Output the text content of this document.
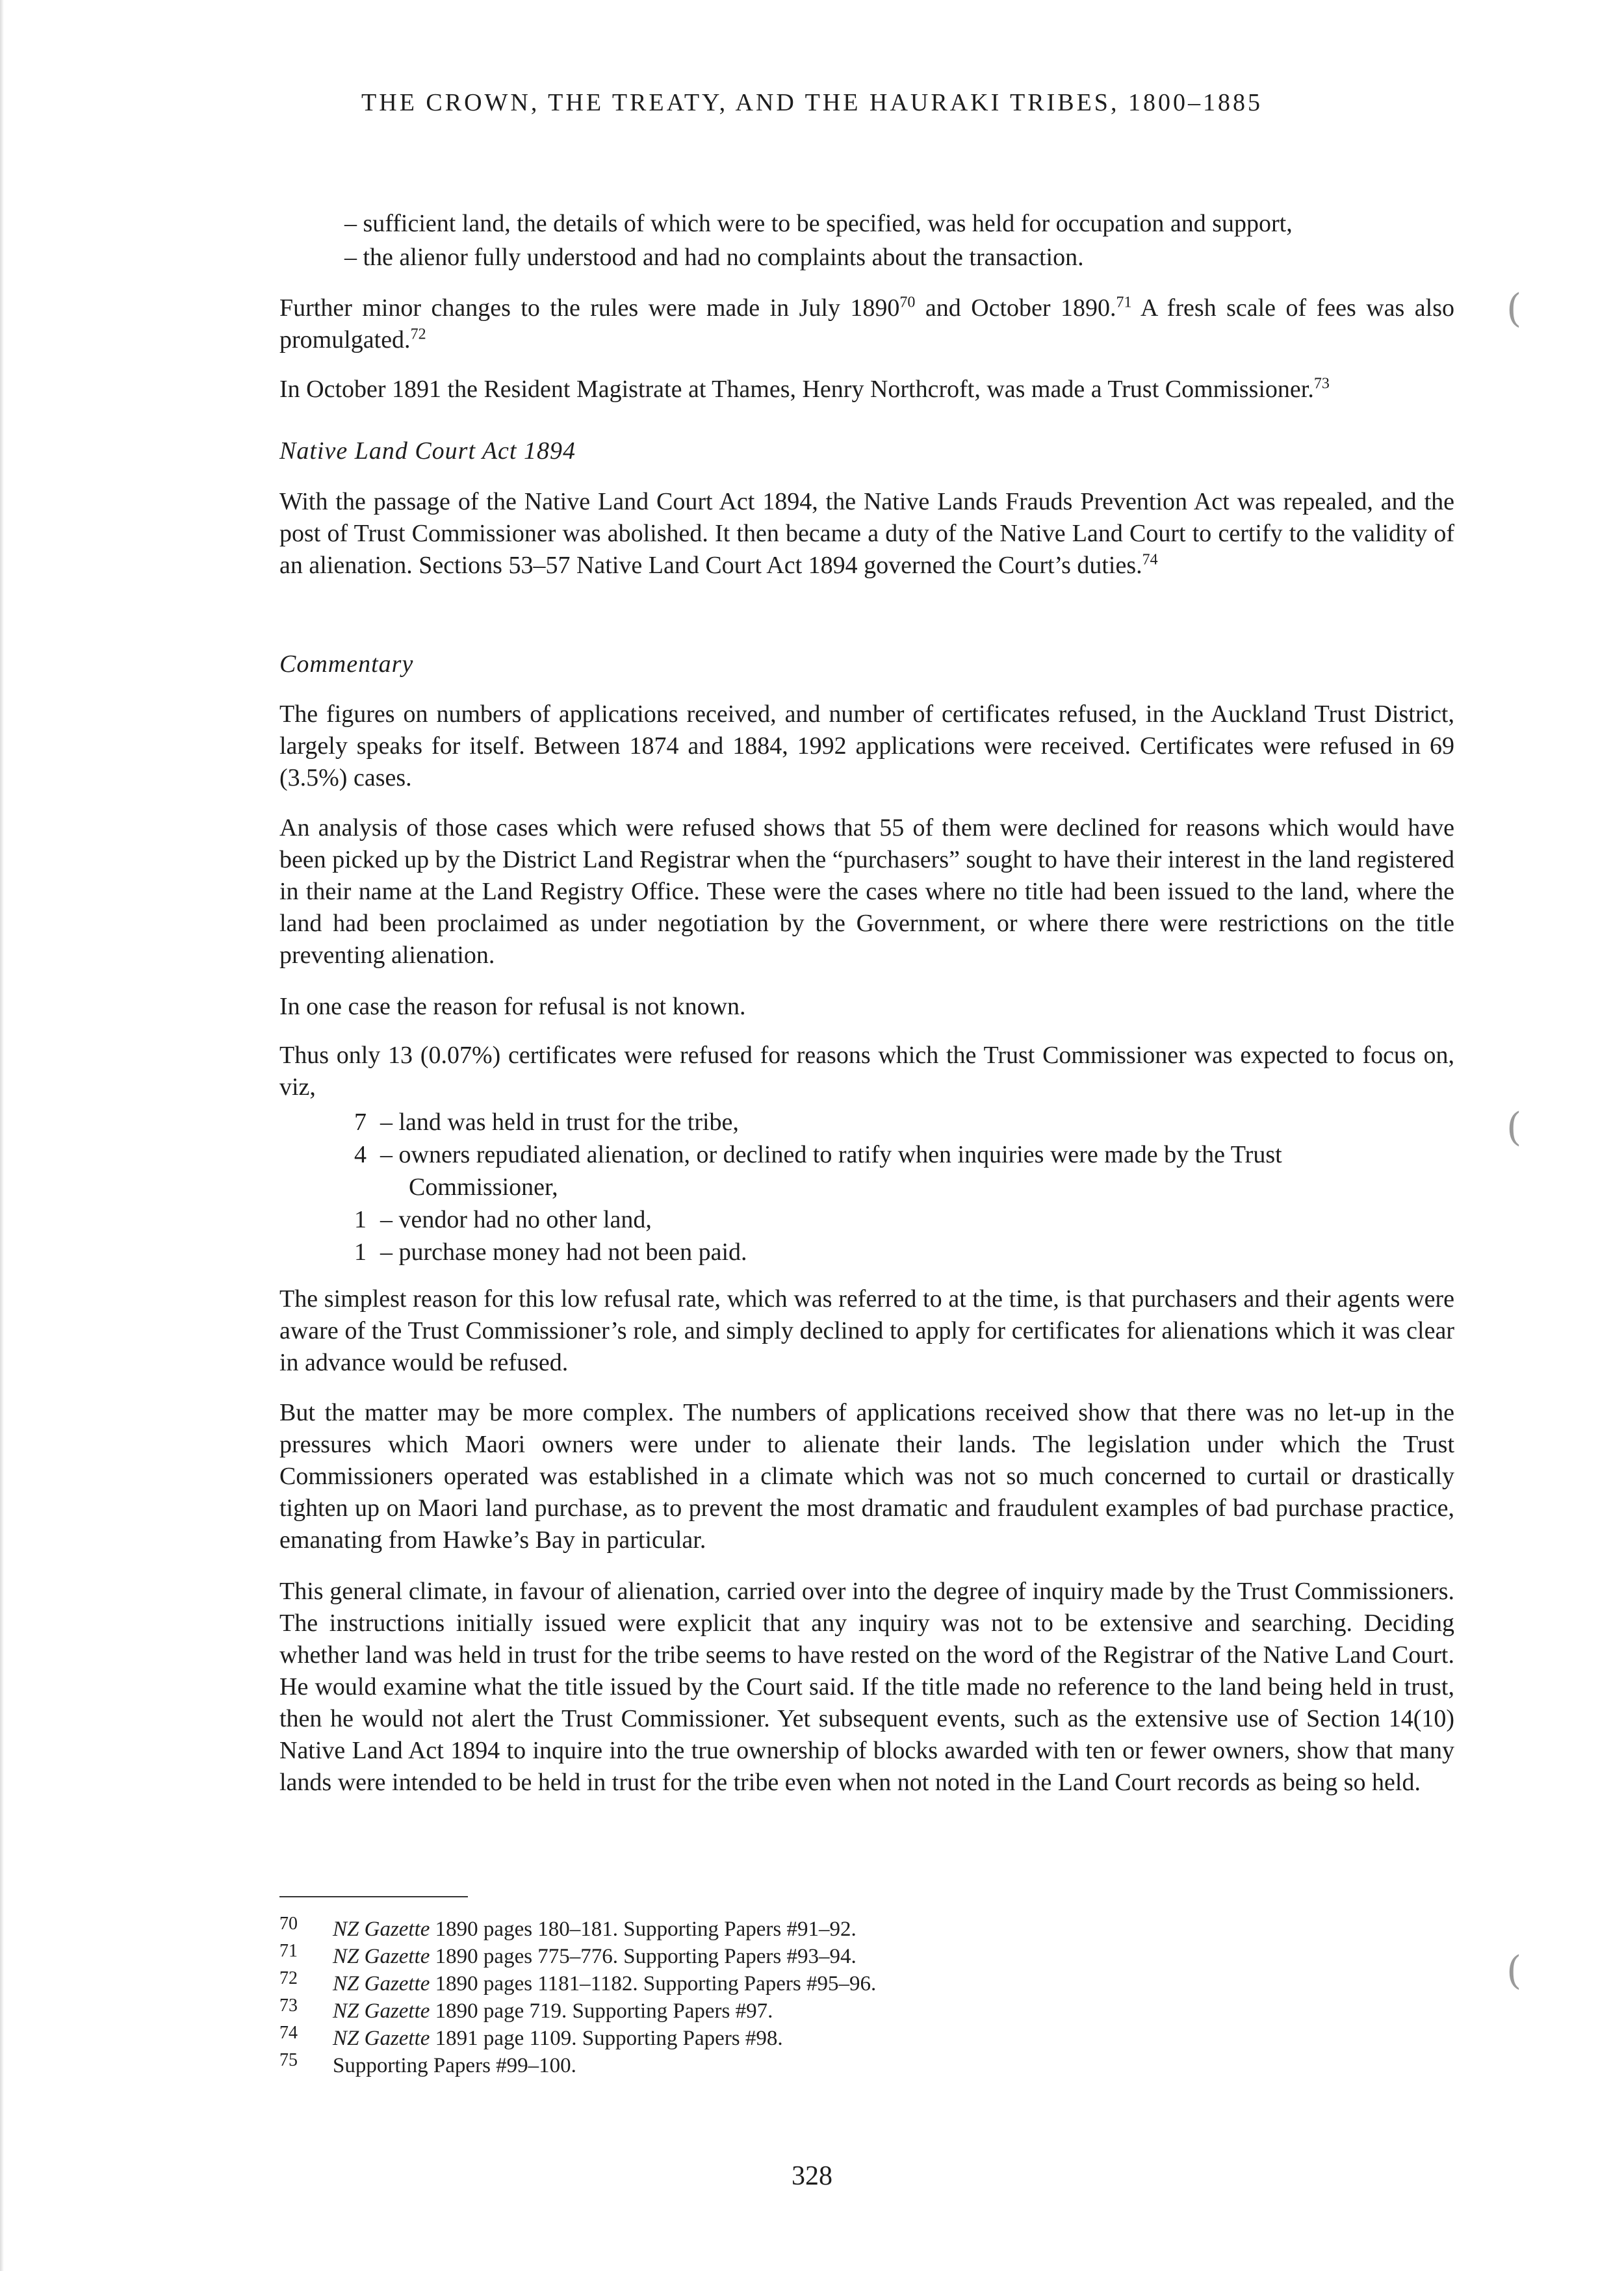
THE CROWN, THE TREATY, AND THE HAURAKI TRIBES, 1800–1885
– sufficient land, the details of which were to be specified, was held for occupation and support,
– the alienor fully understood and had no complaints about the transaction.

Further minor changes to the rules were made in July 1890$^{70}$ and October 1890.71 A fresh scale of fees was also promulgated.$^{72}$

In October 1891 the Resident Magistrate at Thames, Henry Northcroft, was made a Trust Commissioner.$^{73}$

Native Land Court Act 1894

With the passage of the Native Land Court Act 1894, the Native Lands Frauds Prevention Act was repealed, and the post of Trust Commissioner was abolished. It then became a duty of the Native Land Court to certify to the validity of an alienation. Sections 53–57 Native Land Court Act 1894 governed the Court’s duties.$^{74}$

Commentary
The figures on numbers of applications received, and number of certificates refused, in the Auckland Trust District, largely speaks for itself. Between 1874 and 1884, 1992 applications were received. Certificates were refused in 69 (3.5%) cases.
An analysis of those cases which were refused shows that 55 of them were declined for reasons which would have been picked up by the District Land Registrar when the “purchasers” sought to have their interest in the land registered in their name at the Land Registry Office. These were the cases where no title had been issued to the land, where the land had been proclaimed as under negotiation by the Government, or where there were restrictions on the title preventing alienation.
In one case the reason for refusal is not known.
Thus only 13 (0.07%) certificates were refused for reasons which the Trust Commissioner was expected to focus on, viz,
7 – land was held in trust for the tribe,
4 – owners repudiated alienation, or declined to ratify when inquiries were made by the Trust
Commissioner,
1 – vendor had no other land,
1 – purchase money had not been paid.
The simplest reason for this low refusal rate, which was referred to at the time, is that purchasers and their agents were aware of the Trust Commissioner’s role, and simply declined to apply for certificates for alienations which it was clear in advance would be refused.
But the matter may be more complex. The numbers of applications received show that there was no let-up in the pressures which Maori owners were under to alienate their lands. The legislation under which the Trust Commissioners operated was established in a climate which was not so much concerned to curtail or drastically tighten up on Maori land purchase, as to prevent the most dramatic and fraudulent examples of bad purchase practice, emanating from Hawke’s Bay in particular.
This general climate, in favour of alienation, carried over into the degree of inquiry made by the Trust Commissioners. The instructions initially issued were explicit that any inquiry was not to be extensive and searching. Deciding whether land was held in trust for the tribe seems to have rested on the word of the Registrar of the Native Land Court. He would examine what the title issued by the Court said. If the title made no reference to the land being held in trust, then he would not alert the Trust Commissioner. Yet subsequent events, such as the extensive use of Section 14(10) Native Land Act 1894 to inquire into the true ownership of blocks awarded with ten or fewer owners, show that many lands were intended to be held in trust for the tribe even when not noted in the Land Court records as being so held.
70	NZ Gazette 1890 pages 180–181. Supporting Papers #91–92.
71	NZ Gazette 1890 pages 775–776. Supporting Papers #93–94.
72	NZ Gazette 1890 pages 1181–1182. Supporting Papers #95–96.
73	NZ Gazette 1890 page 719. Supporting Papers #97.
74	NZ Gazette 1891 page 1109. Supporting Papers #98.
75	Supporting Papers #99–100.
328
(
(
(
